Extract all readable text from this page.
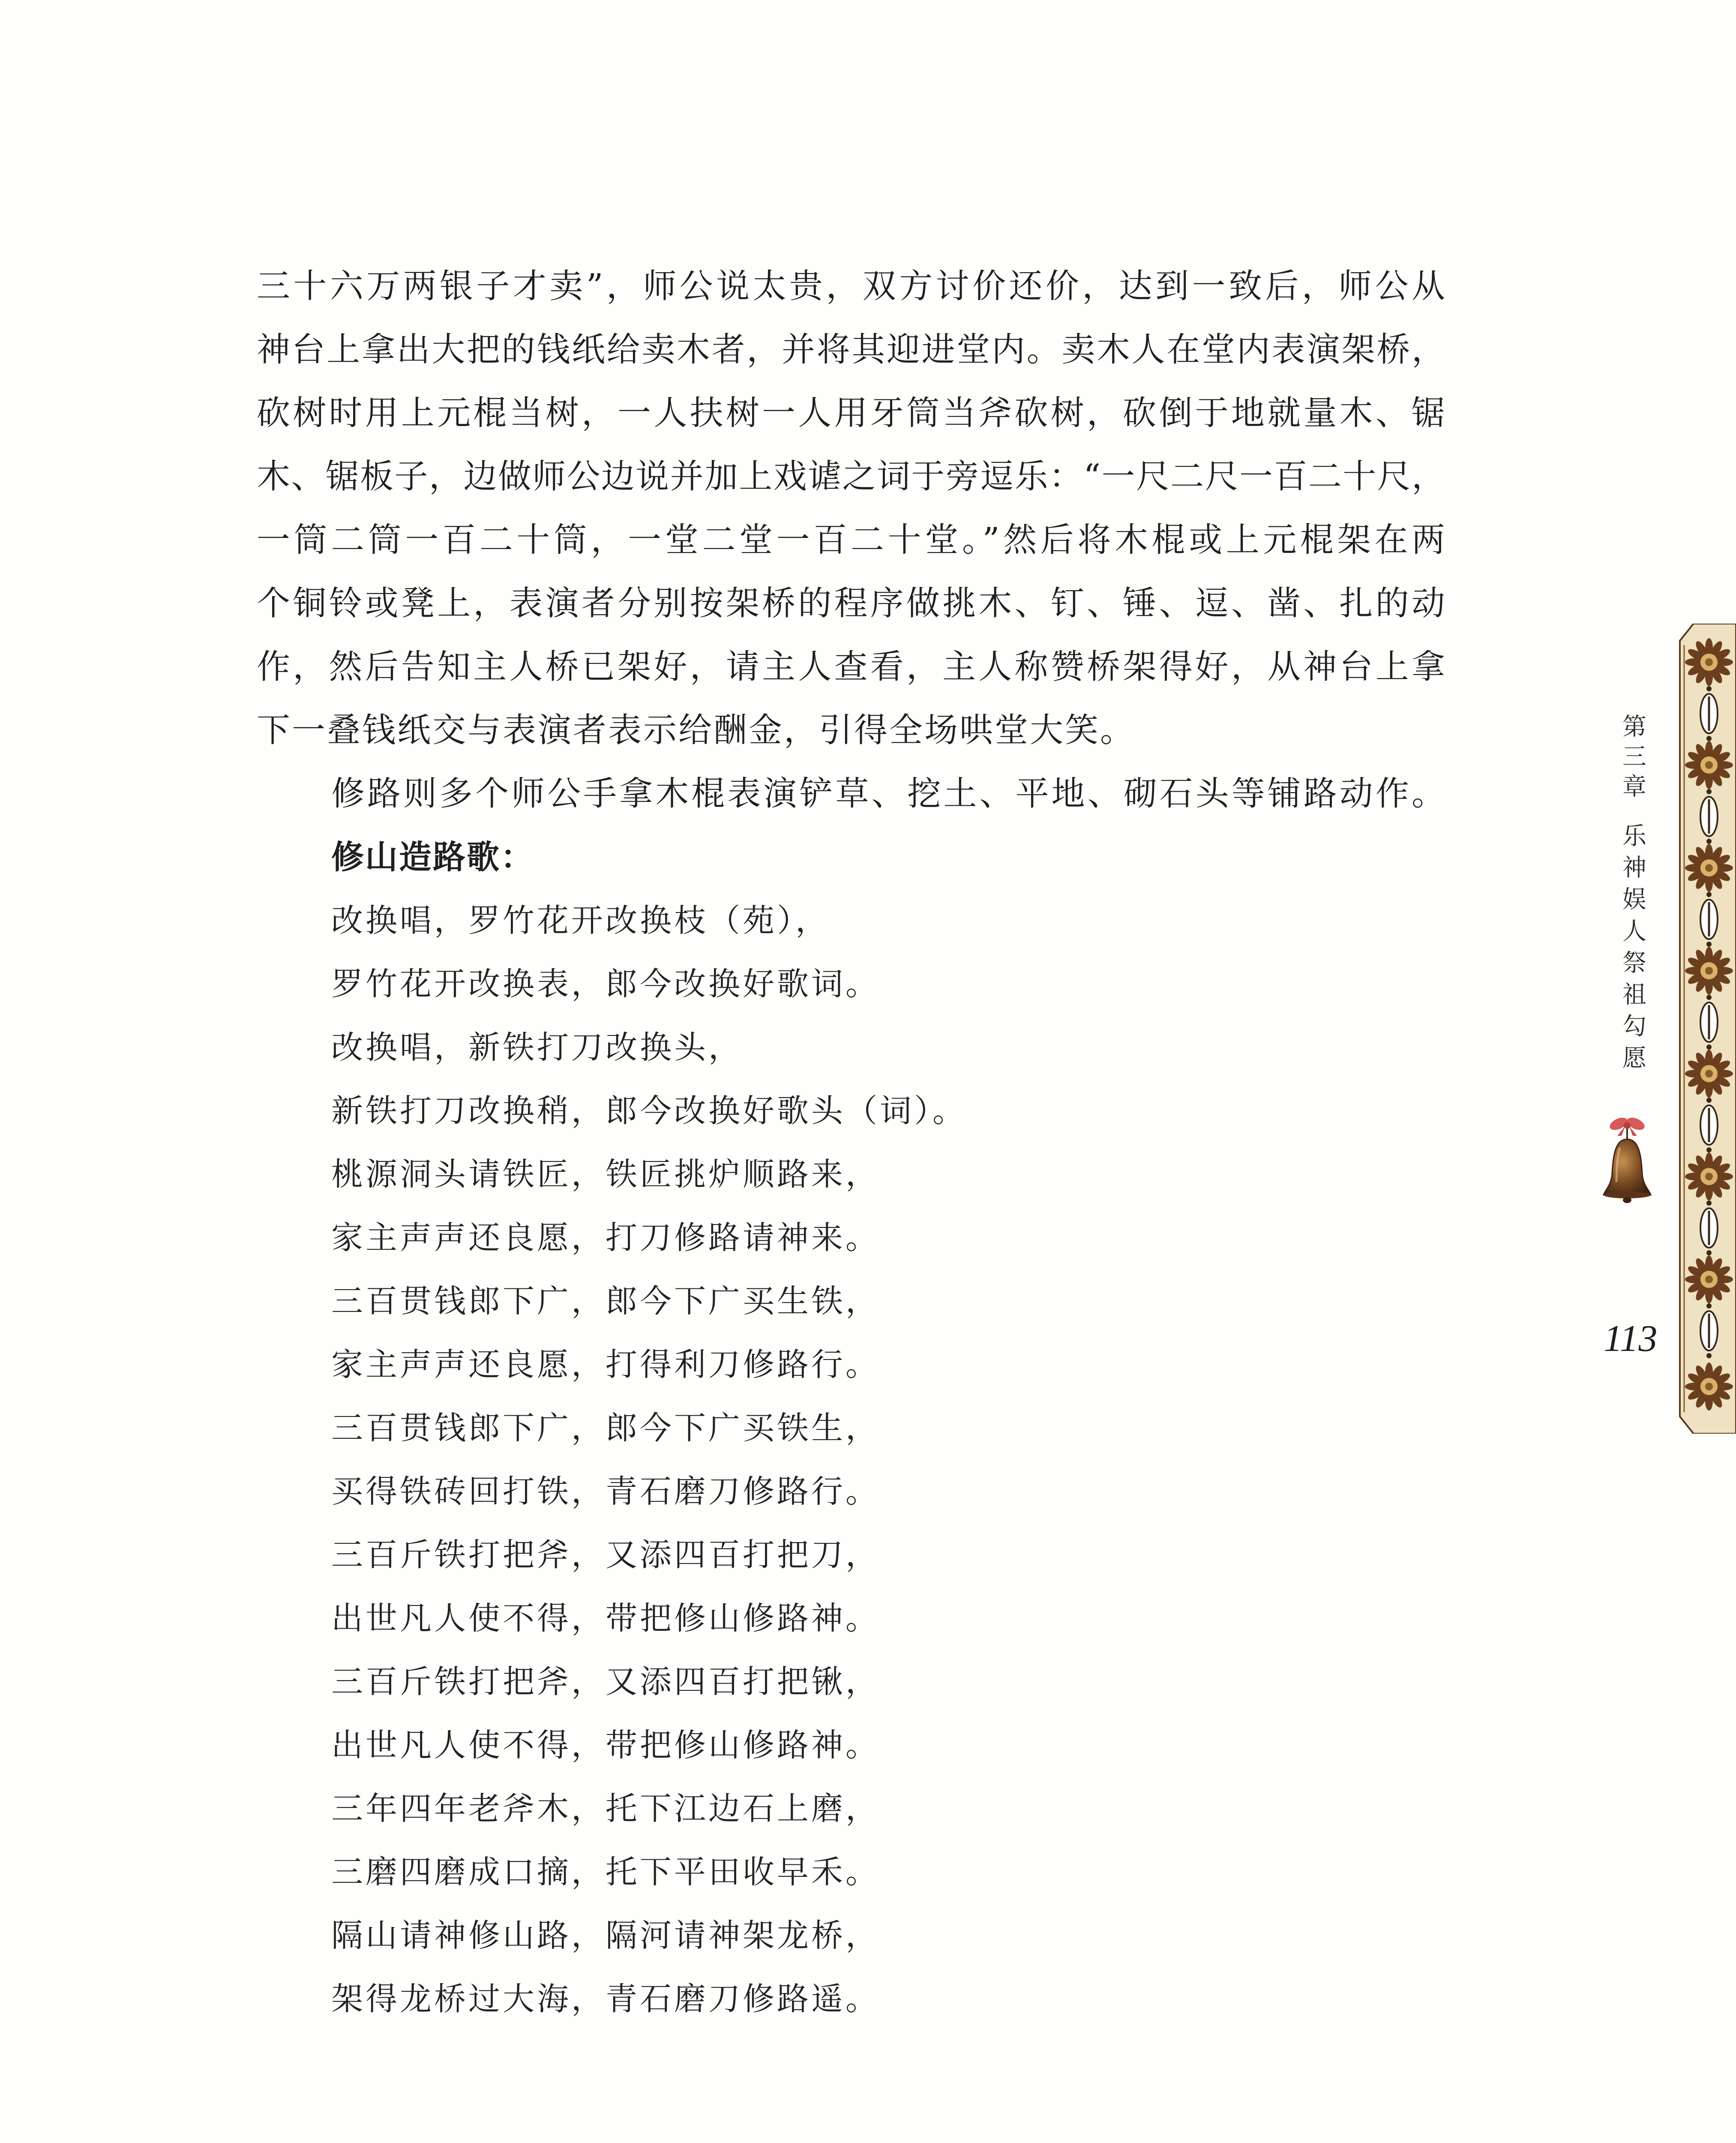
三十六万两银子才卖”，师公说太贵，双方讨价还价，达到一致后，师公从
神台上拿出大把的钱纸给卖木者，并将其迎进堂内。卖木人在堂内表演架桥，
砍树时用上元棍当树，一人扶树一人用牙筒当斧砍树，砍倒于地就量木、锯
木、锯板子，边做师公边说并加上戏谑之词于旁逗乐：“一尺二尺一百二十尺，
一筒二筒一百二十筒，一堂二堂一百二十堂。”然后将木棍或上元棍架在两
个铜铃或凳上，表演者分别按架桥的程序做挑木、钉、锤、逗、凿、扎的动
作，然后告知主人桥已架好，请主人查看，主人称赞桥架得好，从神台上拿
下一叠钱纸交与表演者表示给酬金，引得全场哄堂大笑。
修路则多个师公手拿木棍表演铲草、挖土、平地、砌石头等铺路动作。
修山造路歌：
改换唱，罗竹花开改换枝（苑），
罗竹花开改换表，郎今改换好歌词。
改换唱，新铁打刀改换头，
新铁打刀改换稍，郎今改换好歌头（词）。
桃源洞头请铁匠，铁匠挑炉顺路来，
家主声声还良愿，打刀修路请神来。
三百贯钱郎下广，郎今下广买生铁，
家主声声还良愿，打得利刀修路行。
三百贯钱郎下广，郎今下广买铁生，
买得铁砖回打铁，青石磨刀修路行。
三百斤铁打把斧，又添四百打把刀，
出世凡人使不得，带把修山修路神。
三百斤铁打把斧，又添四百打把锹，
出世凡人使不得，带把修山修路神。
三年四年老斧木，托下江边石上磨，
三磨四磨成口摘，托下平田收早禾。
隔山请神修山路，隔河请神架龙桥，
架得龙桥过大海，青石磨刀修路遥。
第三章
乐神娱人祭祖勾愿
113
